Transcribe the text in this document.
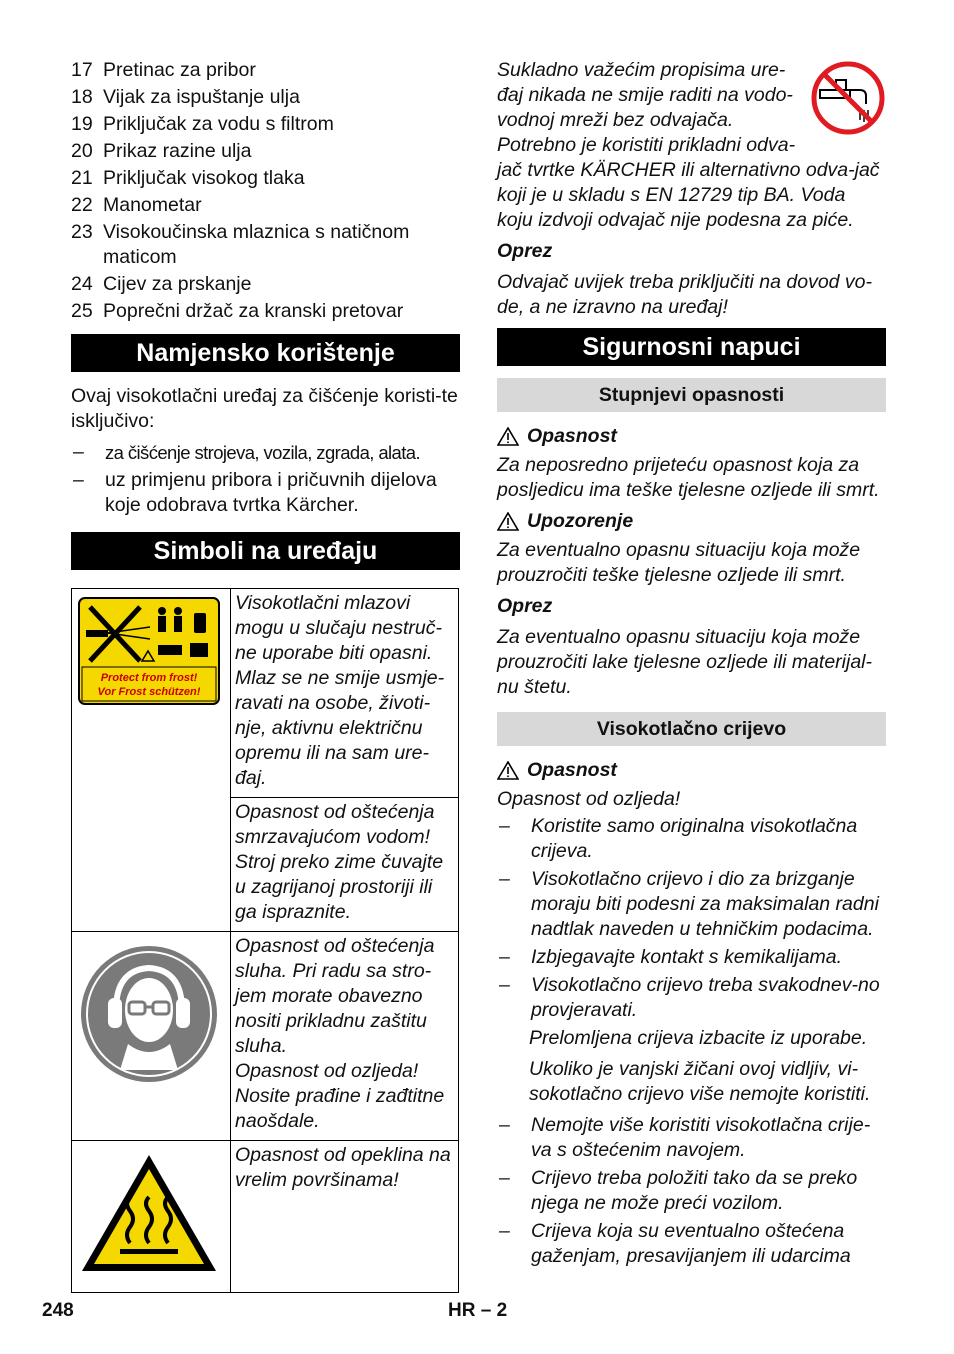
17 Pretinac za pribor
18 Vijak za ispuštanje ulja
19 Priključak za vodu s filtrom
20 Prikaz razine ulja
21 Priključak visokog tlaka
22 Manometar
23 Visokoučinska mlaznica s natičnom maticom
24 Cijev za prskanje
25 Poprečni držač za kranski pretovar
Namjensko korištenje

Ovaj visokotlačni uređaj za čišćenje koristi-te isključivo:

–	za čišćenje strojeva, vozila, zgrada, alata.
–	uz primjenu pribora i pričuvnih dijelova koje odobrava tvrtka Kärcher.
Simboli na uređaju
Protect from frost!
Vor Frost schützen!	Visokotlačni mlazovi mogu u slučaju nestruč-ne uporabe biti opasni. Mlaz se ne smije usmje-ravati na osobe, životi-nje, aktivnu električnu opremu ili na sam ure-đaj.
	Opasnost od oštećenja smrzavajućom vodom! Stroj preko zime čuvajte u zagrijanoj prostoriji ili ga ispraznite.

Opasnost od oštećenja sluha. Pri radu sa stro-jem morate obavezno nositi prikladnu zaštitu sluha.
Opasnost od ozljeda! Nosite prađine i zađtitne naošdale.

	Opasnost od opeklina na vrelim površinama!

Sukladno važećim propisima ure-đaj nikada ne smije raditi na vodo-vodnoj mreži bez odvajača. Potrebno je koristiti prikladni odva-jač tvrtke KÄRCHER ili alternativno odva-jač koji je u skladu s EN 12729 tip BA. Voda koju izdvoji odvajač nije podesna za piće.

Oprez

Odvajač uvijek treba priključiti na dovod vo-de, a ne izravno na uređaj!

Sigurnosni napuci
Stupnjevi opasnosti
Opasnost

Za neposredno prijeteću opasnost koja za posljedicu ima teške tjelesne ozljede ili smrt.

Upozorenje

Za eventualno opasnu situaciju koja može prouzročiti teške tjelesne ozljede ili smrt.

Oprez

Za eventualno opasnu situaciju koja može prouzročiti lake tjelesne ozljede ili materijal-nu štetu.

Visokotlačno crijevo
Opasnost

Opasnost od ozljeda!

–	Koristite samo originalna visokotlačna crijeva.
–	Visokotlačno crijevo i dio za brizganje moraju biti podesni za maksimalan radni nadtlak naveden u tehničkim podacima.
–	Izbjegavajte kontakt s kemikalijama.
–	Visokotlačno crijevo treba svakodnev-no provjeravati.

Prelomljena crijeva izbacite iz uporabe.

Ukoliko je vanjski žičani ovoj vidljiv, vi-sokotlačno crijevo više nemojte koristiti.

–	Nemojte više koristiti visokotlačna crije-va s oštećenim navojem.
–	Crijevo treba položiti tako da se preko njega ne može preći vozilom.
–	Crijeva koja su eventualno oštećena gaženjam, presavijanjem ili udarcima
248	HR – 2
